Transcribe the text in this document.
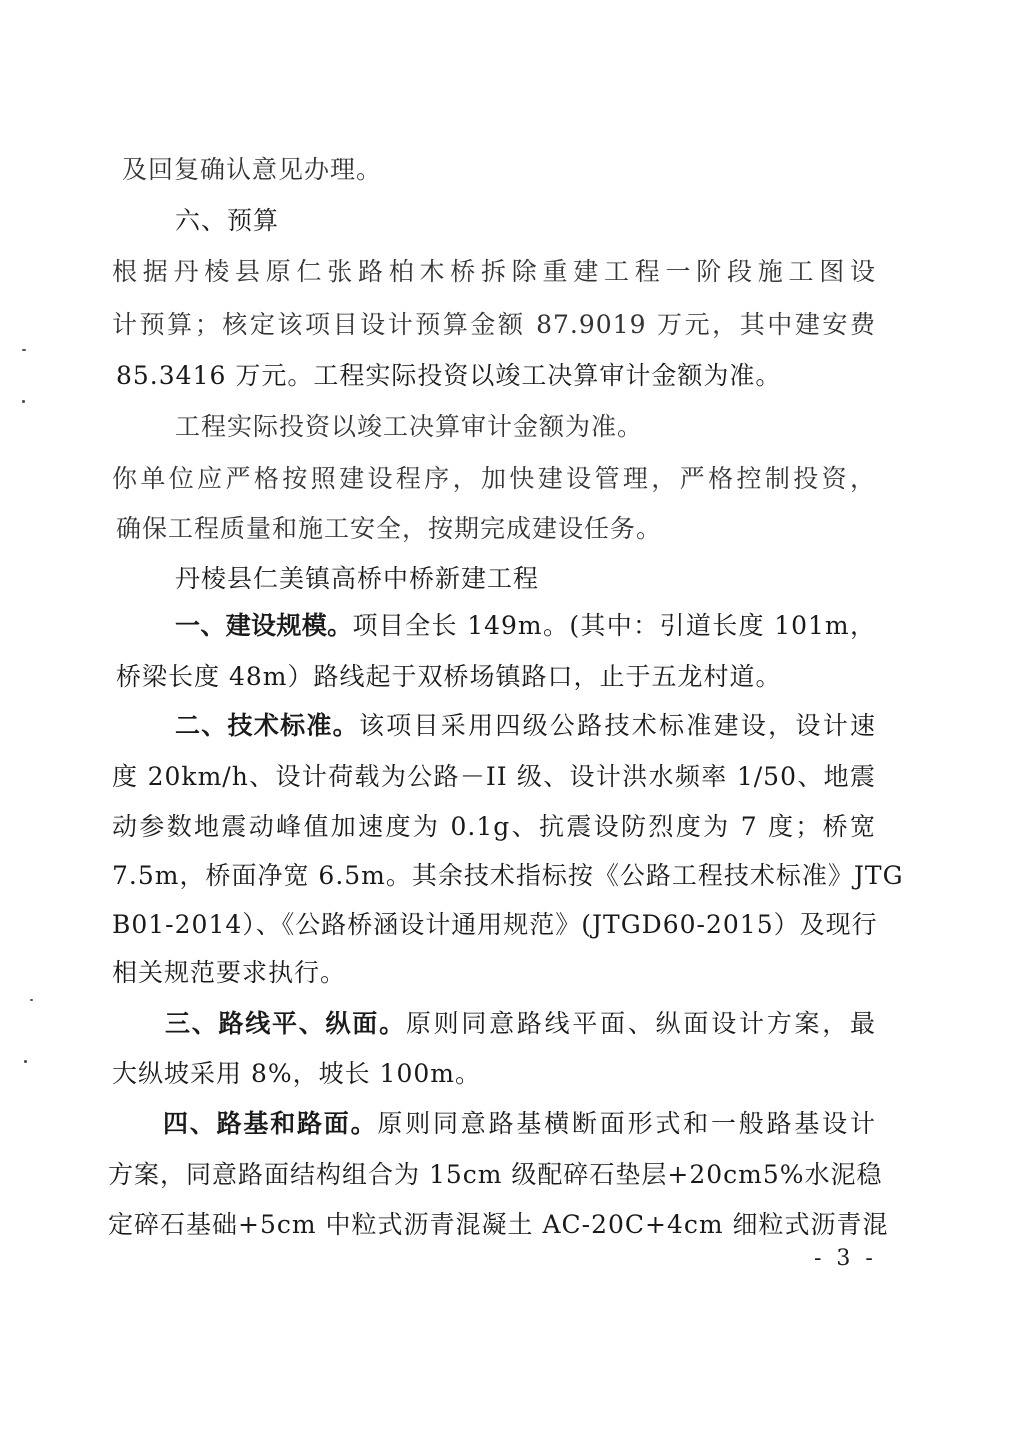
及回复确认意见办理。
六、预算
根据丹棱县原仁张路柏木桥拆除重建工程一阶段施工图设
计预算；核定该项目设计预算金额 87.9019 万元，其中建安费
85.3416 万元。工程实际投资以竣工决算审计金额为准。
工程实际投资以竣工决算审计金额为准。
你单位应严格按照建设程序，加快建设管理，严格控制投资，
确保工程质量和施工安全，按期完成建设任务。
丹棱县仁美镇高桥中桥新建工程
一、建设规模。项目全长 149m。(其中：引道长度 101m，
桥梁长度 48m）路线起于双桥场镇路口，止于五龙村道。
二、技术标准。该项目采用四级公路技术标准建设，设计速
度 20km/h、设计荷载为公路－II 级、设计洪水频率 1/50、地震
动参数地震动峰值加速度为 0.1g、抗震设防烈度为 7 度；桥宽
7.5m，桥面净宽 6.5m。其余技术指标按《公路工程技术标准》JTG
B01-2014）、《公路桥涵设计通用规范》(JTGD60-2015）及现行
相关规范要求执行。
三、路线平、纵面。原则同意路线平面、纵面设计方案，最
大纵坡采用 8%，坡长 100m。
四、路基和路面。原则同意路基横断面形式和一般路基设计
方案，同意路面结构组合为 15cm 级配碎石垫层+20cm5%水泥稳
定碎石基础+5cm 中粒式沥青混凝土 AC-20C+4cm 细粒式沥青混
- 3 -
